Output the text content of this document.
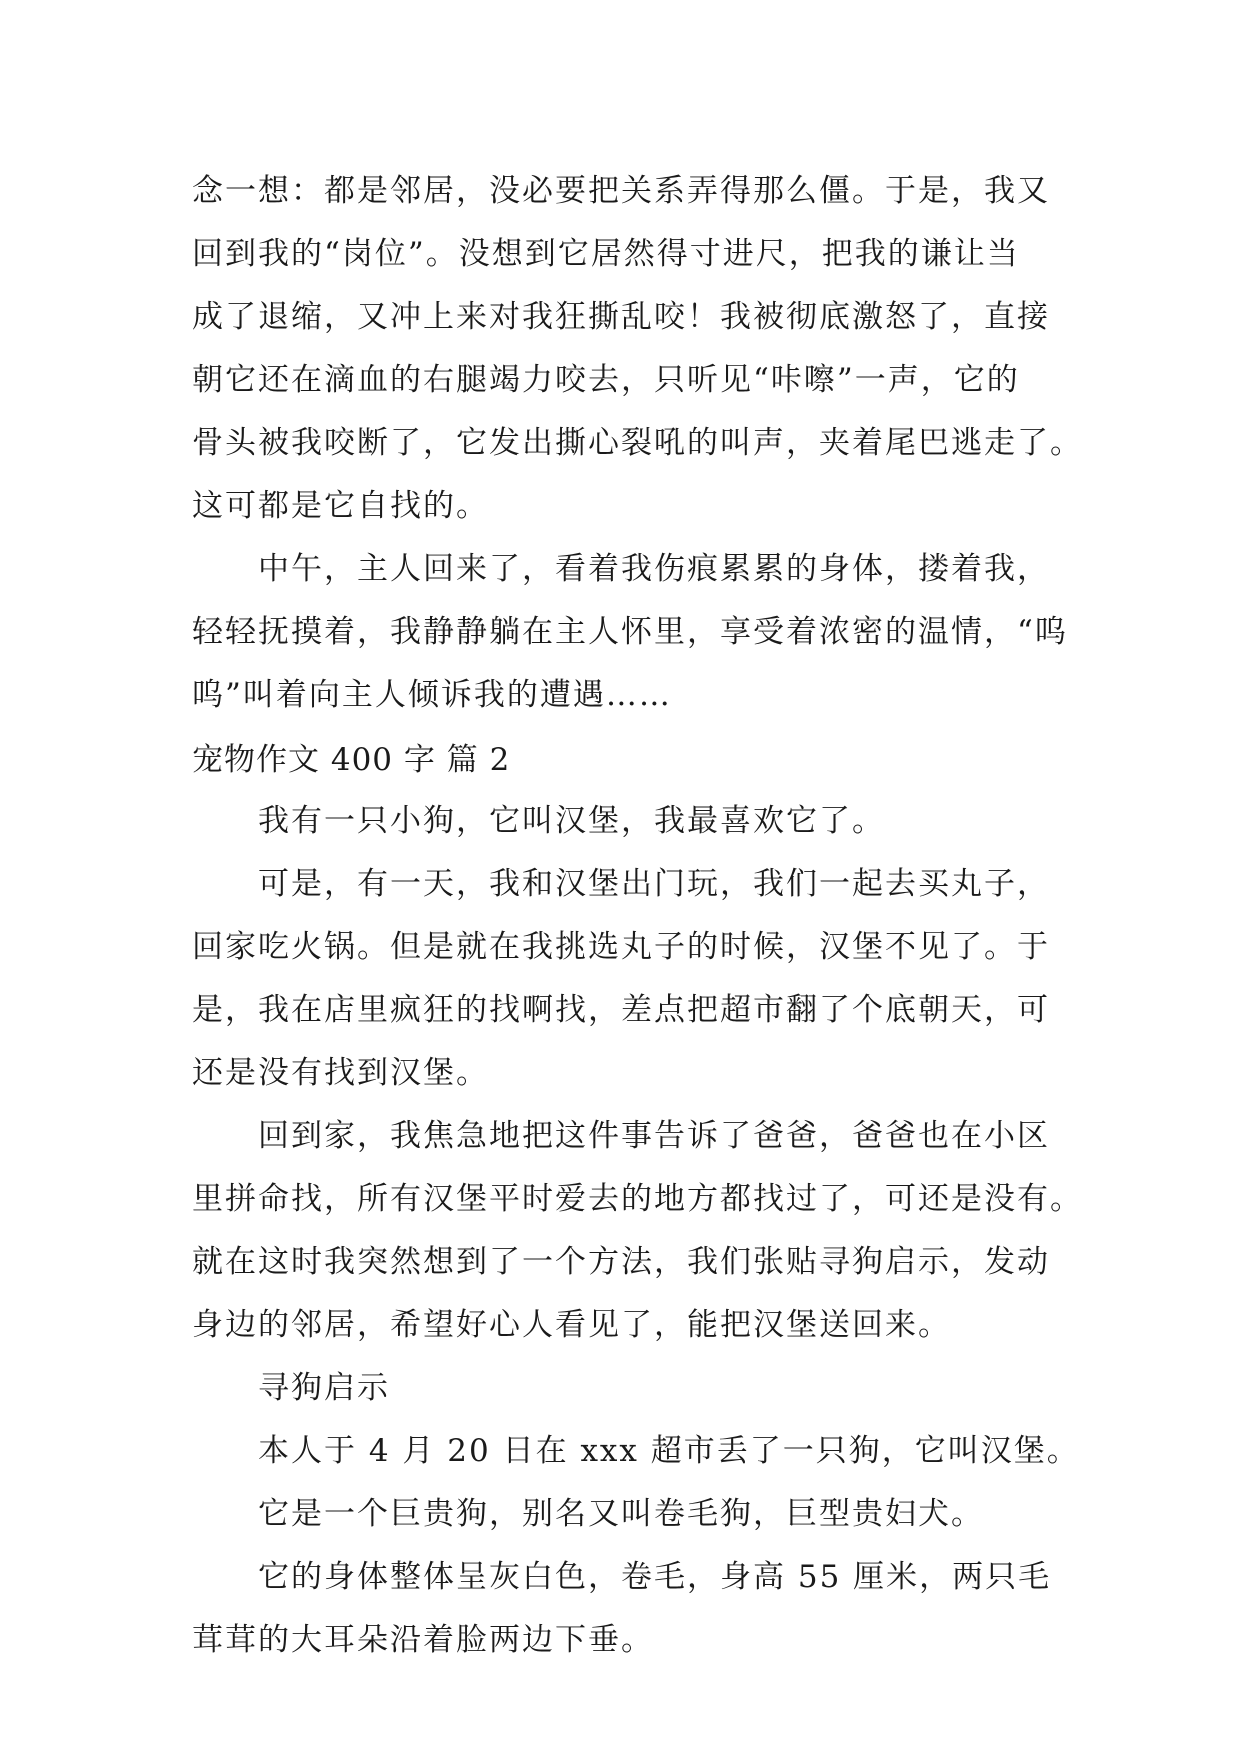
念一想：都是邻居，没必要把关系弄得那么僵。于是，我又
回到我的“岗位”。没想到它居然得寸进尺，把我的谦让当
成了退缩，又冲上来对我狂撕乱咬！我被彻底激怒了，直接
朝它还在滴血的右腿竭力咬去，只听见“咔嚓”一声，它的
骨头被我咬断了，它发出撕心裂吼的叫声，夹着尾巴逃走了。
这可都是它自找的。
中午，主人回来了，看着我伤痕累累的身体，搂着我，
轻轻抚摸着，我静静躺在主人怀里，享受着浓密的温情，“呜
呜”叫着向主人倾诉我的遭遇……
宠物作文 400 字 篇 2
我有一只小狗，它叫汉堡，我最喜欢它了。
可是，有一天，我和汉堡出门玩，我们一起去买丸子，
回家吃火锅。但是就在我挑选丸子的时候，汉堡不见了。于
是，我在店里疯狂的找啊找，差点把超市翻了个底朝天，可
还是没有找到汉堡。
回到家，我焦急地把这件事告诉了爸爸，爸爸也在小区
里拼命找，所有汉堡平时爱去的地方都找过了，可还是没有。
就在这时我突然想到了一个方法，我们张贴寻狗启示，发动
身边的邻居，希望好心人看见了，能把汉堡送回来。
寻狗启示
本人于 4 月 20 日在 xxx 超市丢了一只狗，它叫汉堡。
它是一个巨贵狗，别名又叫卷毛狗，巨型贵妇犬。
它的身体整体呈灰白色，卷毛，身高 55 厘米，两只毛
茸茸的大耳朵沿着脸两边下垂。
